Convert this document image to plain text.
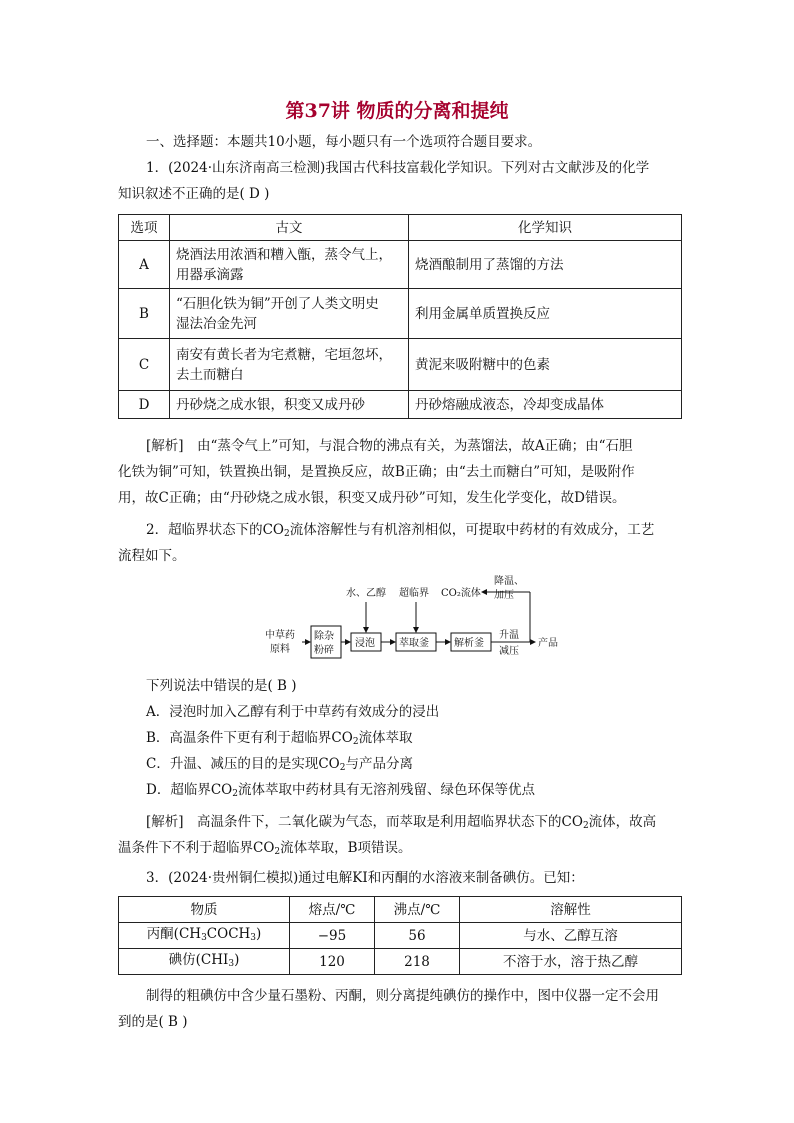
第37讲 物质的分离和提纯
一、选择题：本题共10小题，每小题只有一个选项符合题目要求。
1．(2024·山东济南高三检测)我国古代科技富载化学知识。下列对古文献涉及的化学
知识叙述不正确的是( D )
选项	古文	化学知识
A	烧酒法用浓酒和糟入甑，蒸令气上，
用器承滴露	烧酒酿制用了蒸馏的方法
B	“石胆化铁为铜”开创了人类文明史
湿法冶金先河	利用金属单质置换反应
C	南安有黄长者为宅煮糖，宅垣忽坏，
去土而糖白	黄泥来吸附糖中的色素
D	丹砂烧之成水银，积变又成丹砂	丹砂熔融成液态，冷却变成晶体
[解析]　由“蒸令气上”可知，与混合物的沸点有关，为蒸馏法，故A正确；由“石胆
化铁为铜”可知，铁置换出铜，是置换反应，故B正确；由“去土而糖白”可知，是吸附作
用，故C正确；由“丹砂烧之成水银，积变又成丹砂”可知，发生化学变化，故D错误。
2．超临界状态下的$CO_2$流体溶解性与有机溶剂相似，可提取中药材的有效成分，工艺
流程如下。
中草药
原料
除杂
粉碎
浸泡
水、乙醇
萃取釜
超临界
解析釜
CO₂流体
降温、
加压
升温
减压
产品
下列说法中错误的是( B )
A．浸泡时加入乙醇有利于中草药有效成分的浸出
B．高温条件下更有利于超临界$CO_2$流体萃取
C．升温、减压的目的是实现$CO_2$与产品分离
D．超临界$CO_2$流体萃取中药材具有无溶剂残留、绿色环保等优点
[解析]　高温条件下，二氧化碳为气态，而萃取是利用超临界状态下的$CO_2$流体，故高
温条件下不利于超临界$CO_2$流体萃取，B项错误。
3．(2024·贵州铜仁模拟)通过电解KI和丙酮的水溶液来制备碘仿。已知：
物质	熔点/℃	沸点/℃	溶解性
丙酮$(CH_3COCH_3)$	−95	56	与水、乙醇互溶
碘仿$(CHI_3)$	120	218	不溶于水，溶于热乙醇
制得的粗碘仿中含少量石墨粉、丙酮，则分离提纯碘仿的操作中，图中仪器一定不会用
到的是( B )
